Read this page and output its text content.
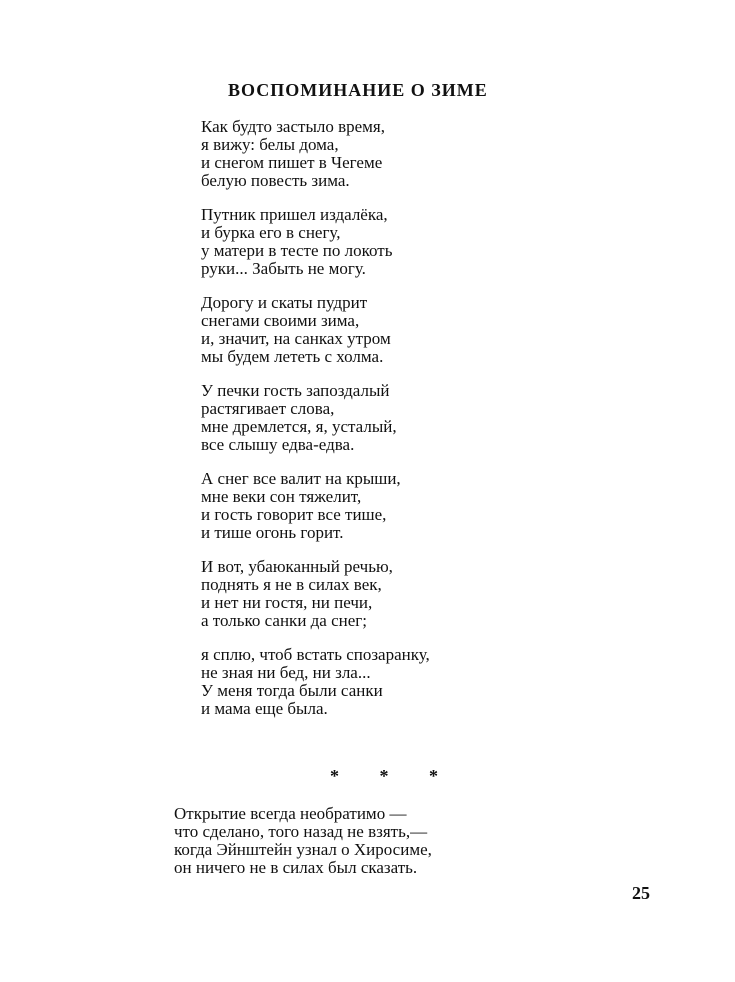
ВОСПОМИНАНИЕ О ЗИМЕ
Как будто застыло время,
я вижу: белы дома,
и снегом пишет в Чегеме
белую повесть зима.
Путник пришел издалёка,
и бурка его в снегу,
у матери в тесте по локоть
руки... Забыть не могу.
Дорогу и скаты пудрит
снегами своими зима,
и, значит, на санках утром
мы будем лететь с холма.
У печки гость запоздалый
растягивает слова,
мне дремлется, я, усталый,
все слышу едва-едва.
А снег все валит на крыши,
мне веки сон тяжелит,
и гость говорит все тише,
и тише огонь горит.
И вот, убаюканный речью,
поднять я не в силах век,
и нет ни гостя, ни печи,
а только санки да снег;
я сплю, чтоб встать спозаранку,
не зная ни бед, ни зла...
У меня тогда были санки
и мама еще была.
* * *
Открытие всегда необратимо —
что сделано, того назад не взять,—
когда Эйнштейн узнал о Хиросиме,
он ничего не в силах был сказать.
25
